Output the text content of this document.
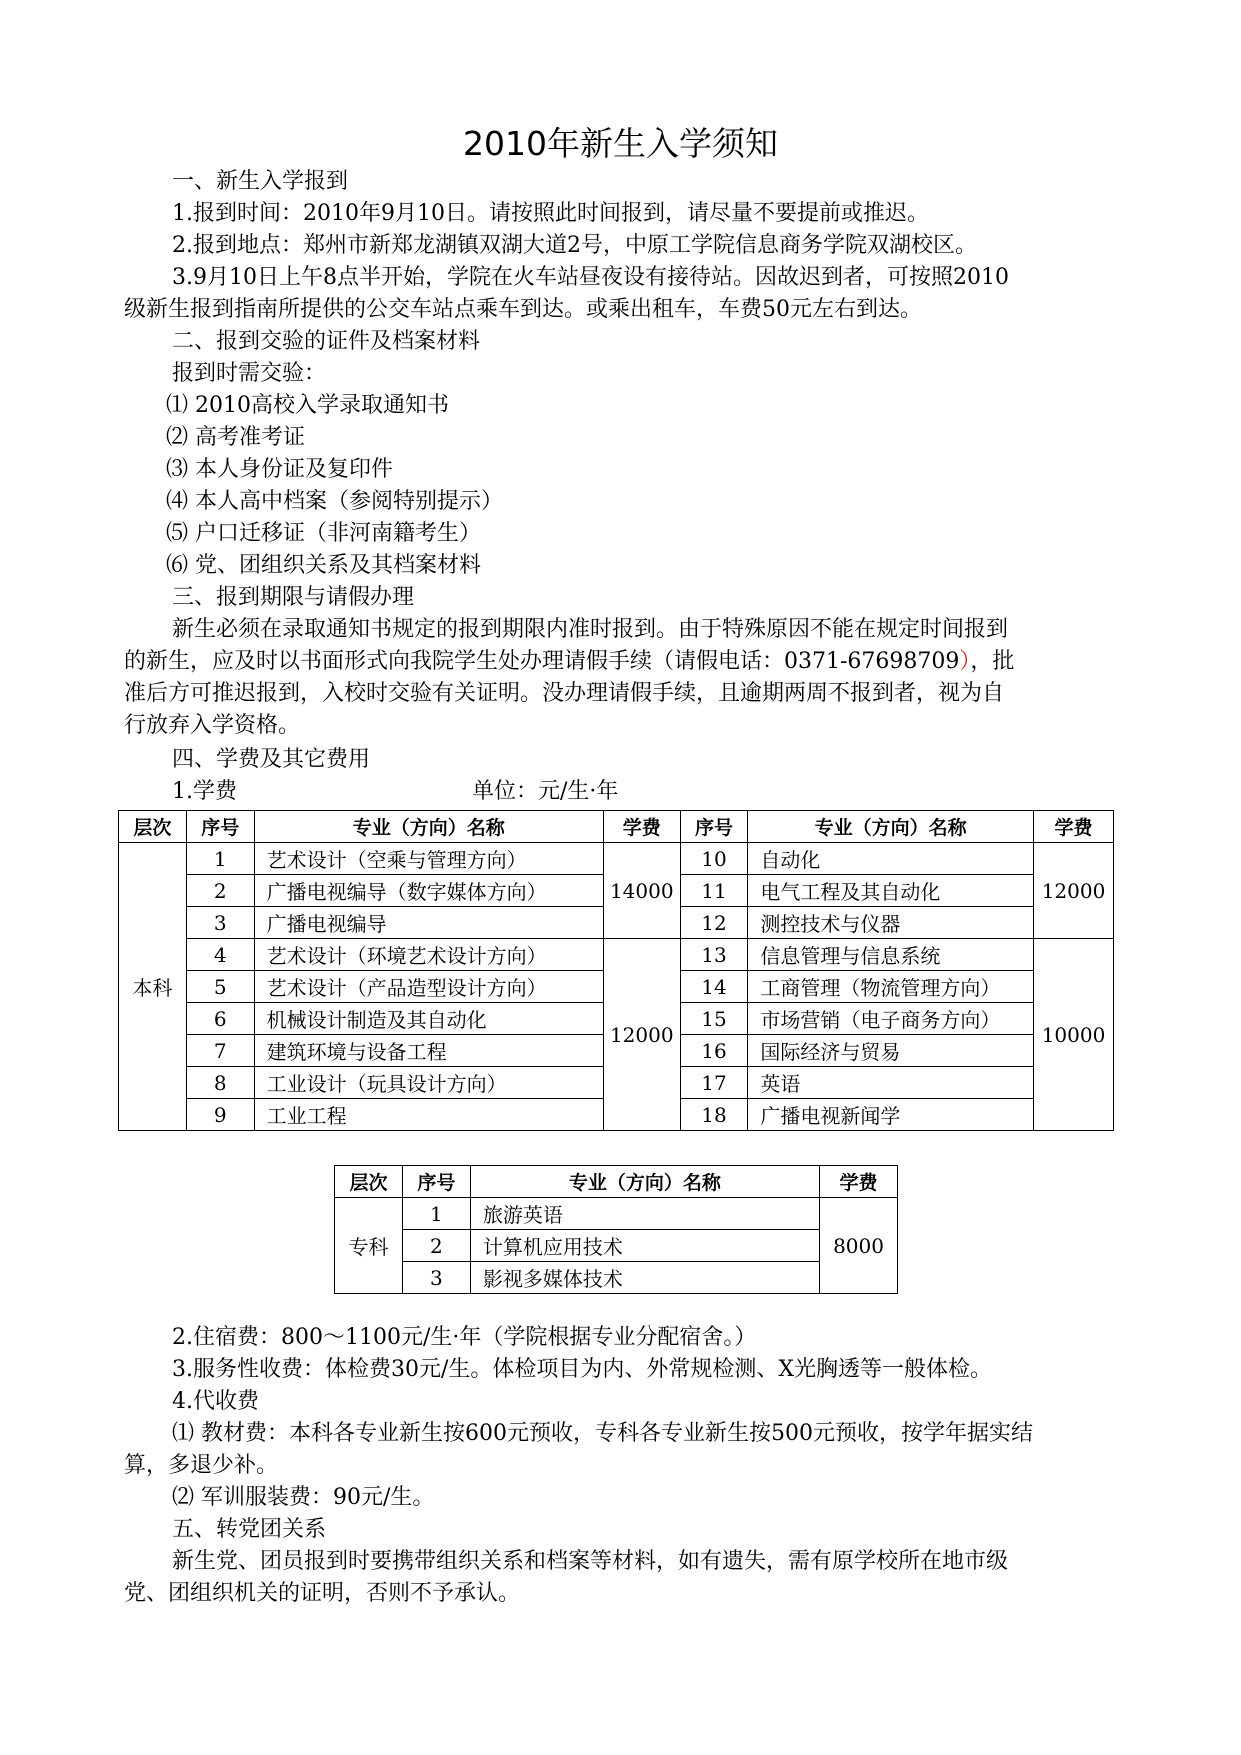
2010年新生入学须知
一、新生入学报到
1.报到时间：2010年9月10日。请按照此时间报到，请尽量不要提前或推迟。
2.报到地点：郑州市新郑龙湖镇双湖大道2号，中原工学院信息商务学院双湖校区。
3.9月10日上午8点半开始，学院在火车站昼夜设有接待站。因故迟到者，可按照2010
级新生报到指南所提供的公交车站点乘车到达。或乘出租车，车费50元左右到达。
二、报到交验的证件及档案材料
报到时需交验：
⑴ 2010高校入学录取通知书
⑵ 高考准考证
⑶ 本人身份证及复印件
⑷ 本人高中档案（参阅特别提示）
⑸ 户口迁移证（非河南籍考生）
⑹ 党、团组织关系及其档案材料
三、报到期限与请假办理
新生必须在录取通知书规定的报到期限内准时报到。由于特殊原因不能在规定时间报到
的新生，应及时以书面形式向我院学生处办理请假手续（请假电话：0371-67698709），批
准后方可推迟报到，入校时交验有关证明。没办理请假手续，且逾期两周不报到者，视为自
行放弃入学资格。
四、学费及其它费用
1.学费	单位：元/生·年
层次	序号	专业（方向）名称	学费	序号	专业（方向）名称	学费
本科	1	艺术设计（空乘与管理方向）	14000	10	自动化	12000
	2	广播电视编导（数字媒体方向）		11	电气工程及其自动化	
	3	广播电视编导		12	测控技术与仪器	
	4	艺术设计（环境艺术设计方向）	12000	13	信息管理与信息系统	10000
	5	艺术设计（产品造型设计方向）		14	工商管理（物流管理方向）	
	6	机械设计制造及其自动化		15	市场营销（电子商务方向）	
	7	建筑环境与设备工程		16	国际经济与贸易	
	8	工业设计（玩具设计方向）		17	英语	
	9	工业工程		18	广播电视新闻学	
层次	序号	专业（方向）名称	学费
专科	1	旅游英语	8000
	2	计算机应用技术	
	3	影视多媒体技术	
2.住宿费：800～1100元/生·年（学院根据专业分配宿舍。）
3.服务性收费：体检费30元/生。体检项目为内、外常规检测、X光胸透等一般体检。
4.代收费
⑴ 教材费：本科各专业新生按600元预收，专科各专业新生按500元预收，按学年据实结
算，多退少补。
⑵ 军训服装费：90元/生。
五、转党团关系
新生党、团员报到时要携带组织关系和档案等材料，如有遗失，需有原学校所在地市级
党、团组织机关的证明，否则不予承认。
